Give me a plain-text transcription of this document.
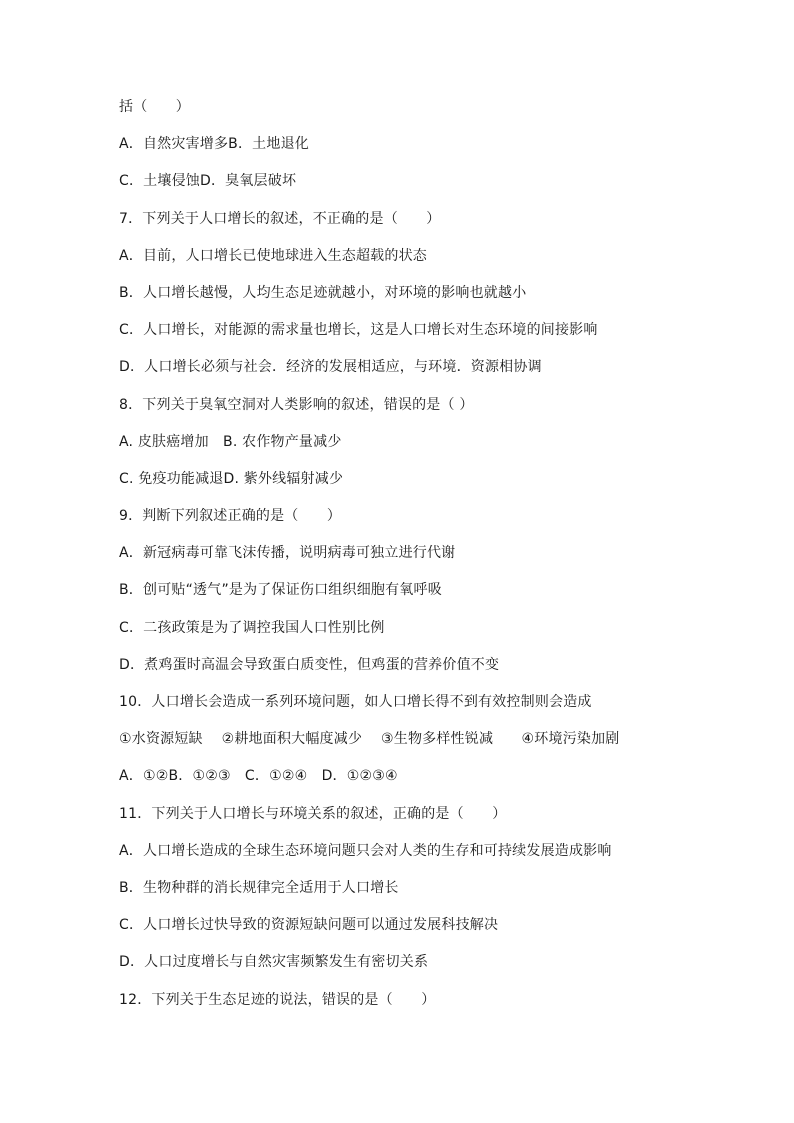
括（　　）
A．自然灾害增多B．土地退化
C．土壤侵蚀D．臭氧层破坏
7．下列关于人口增长的叙述，不正确的是（　　）
A．目前，人口增长已使地球进入生态超载的状态
B．人口增长越慢，人均生态足迹就越小，对环境的影响也就越小
C．人口增长，对能源的需求量也增长，这是人口增长对生态环境的间接影响
D．人口增长必须与社会．经济的发展相适应，与环境．资源相协调
8．下列关于臭氧空洞对人类影响的叙述，错误的是（ ）
A. 皮肤癌增加　B. 农作物产量减少
C. 免疫功能减退D. 紫外线辐射减少
9．判断下列叙述正确的是（　　）
A．新冠病毒可靠飞沫传播，说明病毒可独立进行代谢
B．创可贴“透气”是为了保证伤口组织细胞有氧呼吸
C．二孩政策是为了调控我国人口性别比例
D．煮鸡蛋时高温会导致蛋白质变性，但鸡蛋的营养价值不变
10．人口增长会造成一系列环境问题，如人口增长得不到有效控制则会造成
①水资源短缺　 ②耕地面积大幅度减少　 ③生物多样性锐减　　④环境污染加剧
A．①②B．①②③　C．①②④　D．①②③④
11．下列关于人口增长与环境关系的叙述，正确的是（　　）
A．人口增长造成的全球生态环境问题只会对人类的生存和可持续发展造成影响
B．生物种群的消长规律完全适用于人口增长
C．人口增长过快导致的资源短缺问题可以通过发展科技解决
D．人口过度增长与自然灾害频繁发生有密切关系
12．下列关于生态足迹的说法，错误的是（　　）
